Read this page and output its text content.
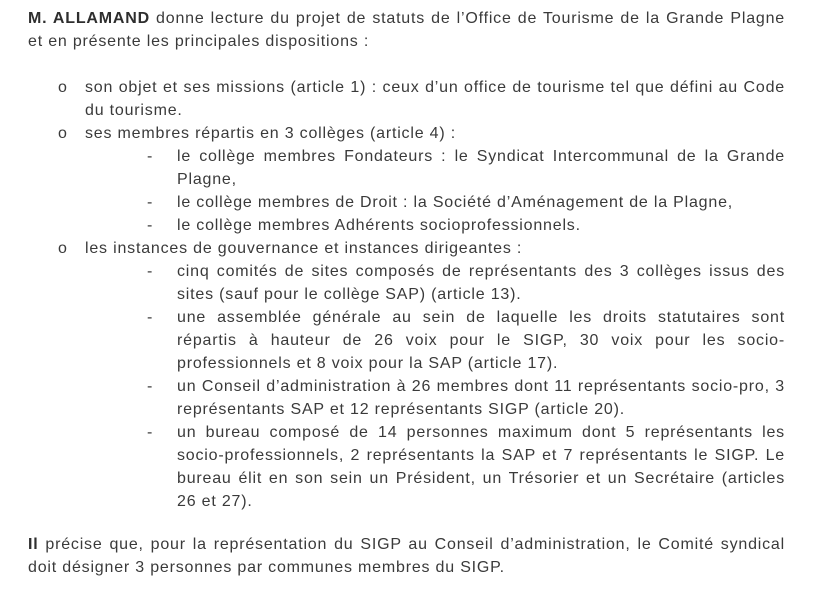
M. ALLAMAND donne lecture du projet de statuts de l’Office de Tourisme de la Grande Plagne et en présente les principales dispositions :

o	son objet et ses missions (article 1) : ceux d’un office de tourisme tel que défini au Code du tourisme.
o	ses membres répartis en 3 collèges (article 4) :
-	le collège membres Fondateurs : le Syndicat Intercommunal de la Grande Plagne,
-	le collège membres de Droit : la Société d’Aménagement de la Plagne,
-	le collège membres Adhérents socioprofessionnels.
o	les instances de gouvernance et instances dirigeantes :
-	cinq comités de sites composés de représentants des 3 collèges issus des sites (sauf pour le collège SAP) (article 13).
-	une assemblée générale au sein de laquelle les droits statutaires sont répartis à hauteur de 26 voix pour le SIGP, 30 voix pour les socio-professionnels et 8 voix pour la SAP (article 17).
-	un Conseil d’administration à 26 membres dont 11 représentants socio-pro, 3 représentants SAP et 12 représentants SIGP (article 20).
-	un bureau composé de 14 personnes maximum dont 5 représentants les socio-professionnels, 2 représentants la SAP et 7 représentants le SIGP. Le bureau élit en son sein un Président, un Trésorier et un Secrétaire (articles 26 et 27).

Il précise que, pour la représentation du SIGP au Conseil d’administration, le Comité syndical doit désigner 3 personnes par communes membres du SIGP.
